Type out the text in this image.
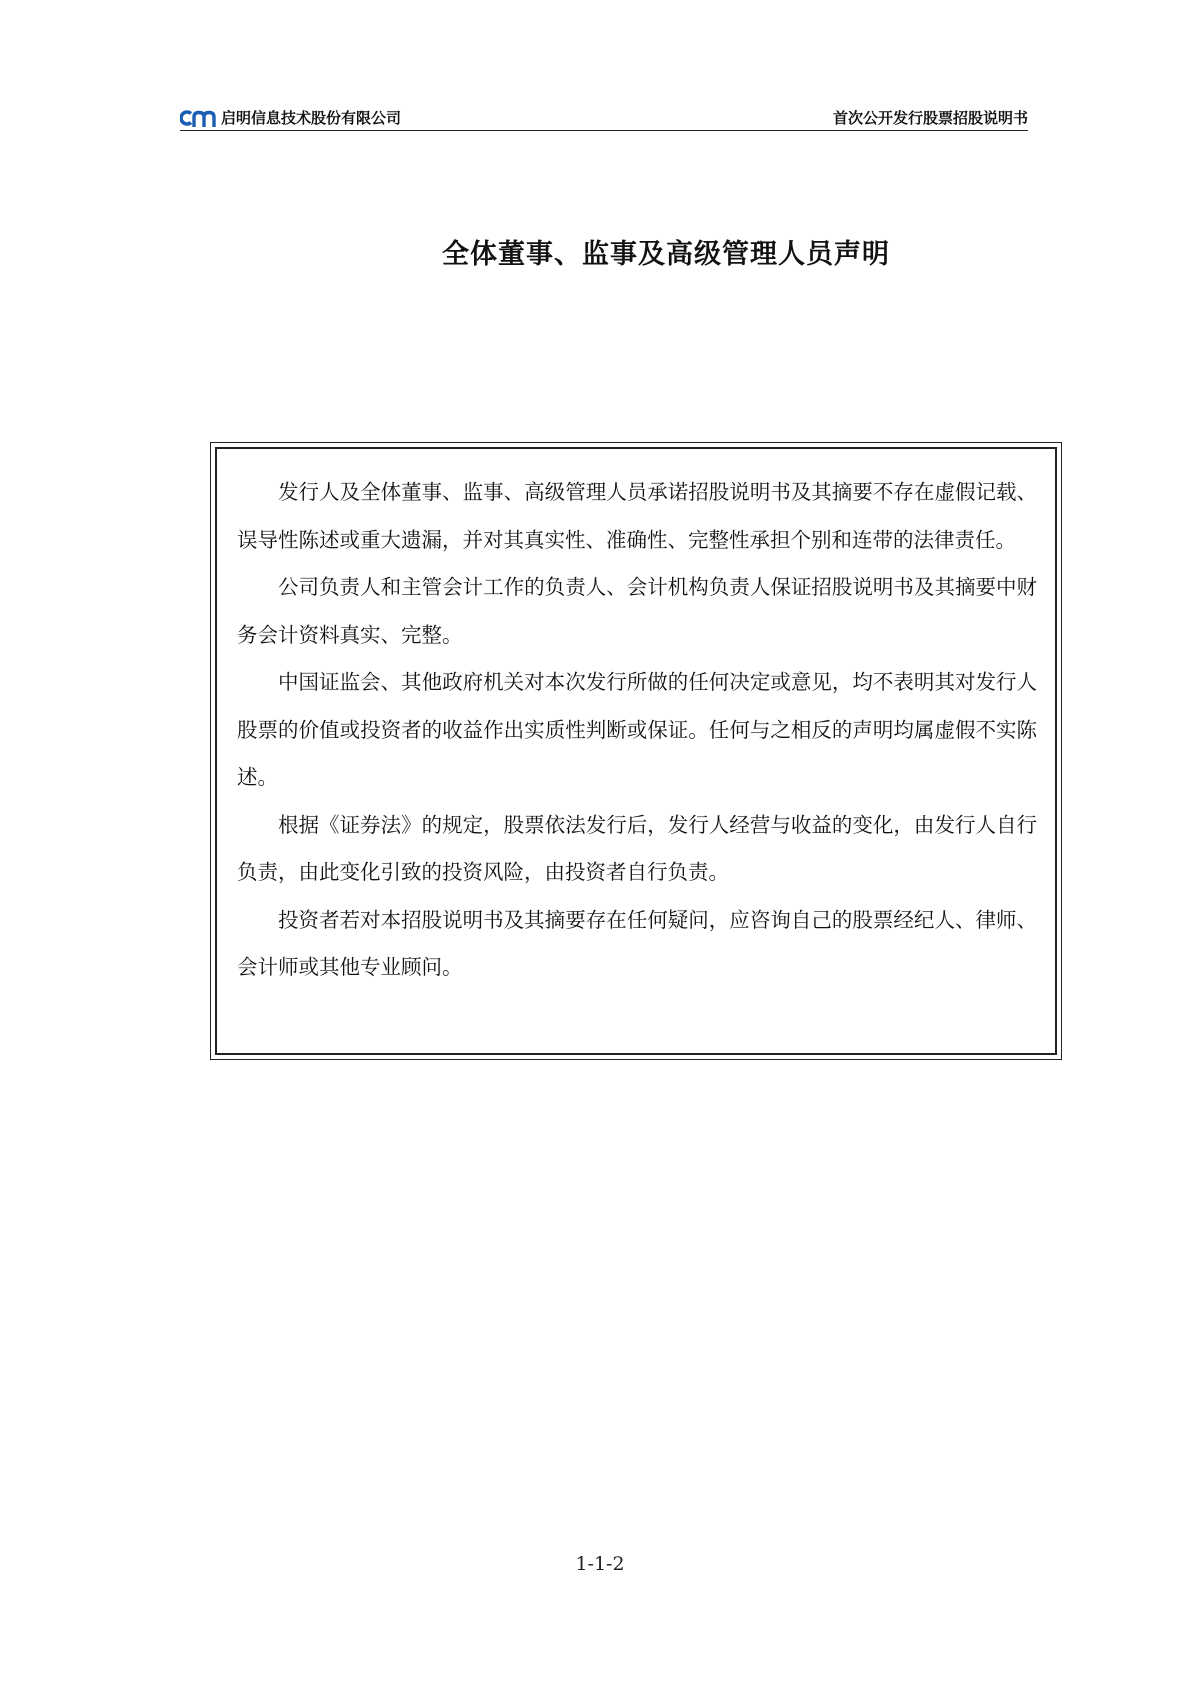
启明信息技术股份有限公司	首次公开发行股票招股说明书
全体董事、监事及高级管理人员声明

发行人及全体董事、监事、高级管理人员承诺招股说明书及其摘要不存在虚假记载、误导性陈述或重大遗漏，并对其真实性、准确性、完整性承担个别和连带的法律责任。

公司负责人和主管会计工作的负责人、会计机构负责人保证招股说明书及其摘要中财务会计资料真实、完整。

中国证监会、其他政府机关对本次发行所做的任何决定或意见，均不表明其对发行人股票的价值或投资者的收益作出实质性判断或保证。任何与之相反的声明均属虚假不实陈述。

根据《证券法》的规定，股票依法发行后，发行人经营与收益的变化，由发行人自行负责，由此变化引致的投资风险，由投资者自行负责。

投资者若对本招股说明书及其摘要存在任何疑问，应咨询自己的股票经纪人、律师、会计师或其他专业顾问。

1-1-2
